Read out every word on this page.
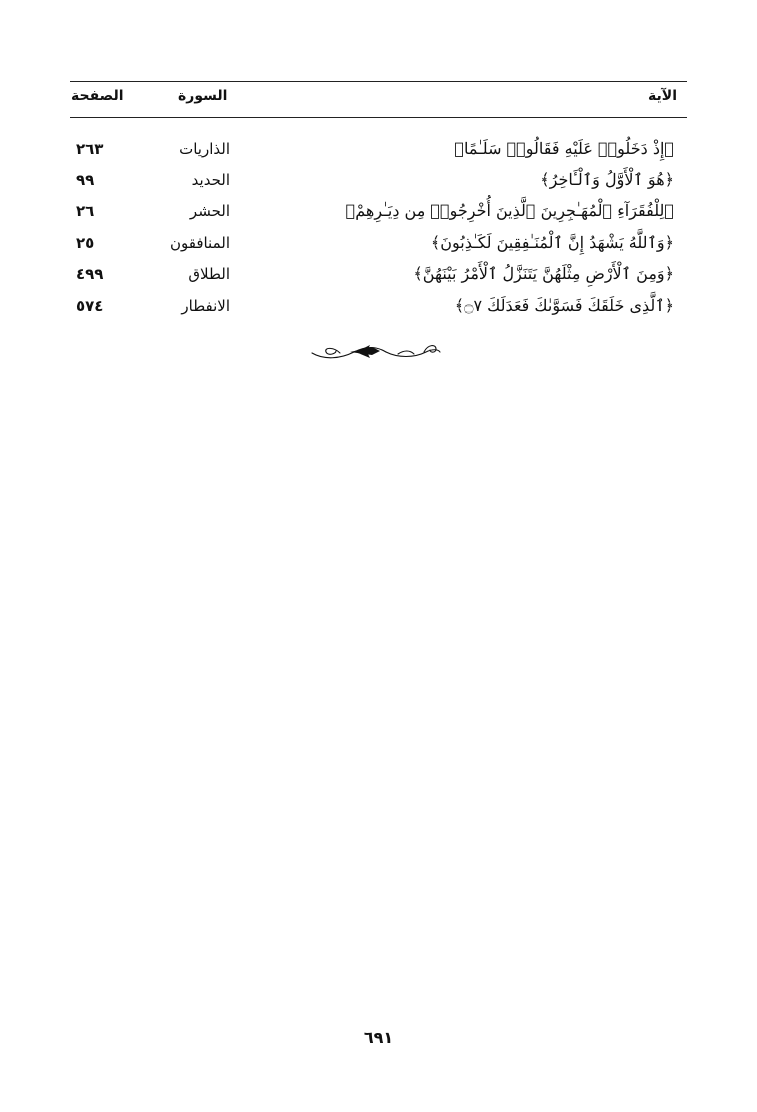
الآية
السورة
الصفحة
﴿إِذْ دَخَلُوا۟ عَلَيْهِ فَقَالُوا۟ سَلَـٰمًا﴾
الذاريات
٢٦٣
﴿هُوَ ٱلْأَوَّلُ وَٱلْـَٔاخِرُ﴾
الحديد
٩٩
﴿لِلْفُقَرَآءِ ٱلْمُهَـٰجِرِينَ ٱلَّذِينَ أُخْرِجُوا۟ مِن دِيَـٰرِهِمْ﴾
الحشر
٢٦
﴿وَٱللَّهُ يَشْهَدُ إِنَّ ٱلْمُنَـٰفِقِينَ لَكَـٰذِبُونَ﴾
المنافقون
٢٥
﴿وَمِنَ ٱلْأَرْضِ مِثْلَهُنَّ يَتَنَزَّلُ ٱلْأَمْرُ بَيْنَهُنَّ﴾
الطلاق
٤٩٩
﴿ٱلَّذِى خَلَقَكَ فَسَوَّىٰكَ فَعَدَلَكَ ۝٧﴾
الانفطار
٥٧٤
٦٩١
